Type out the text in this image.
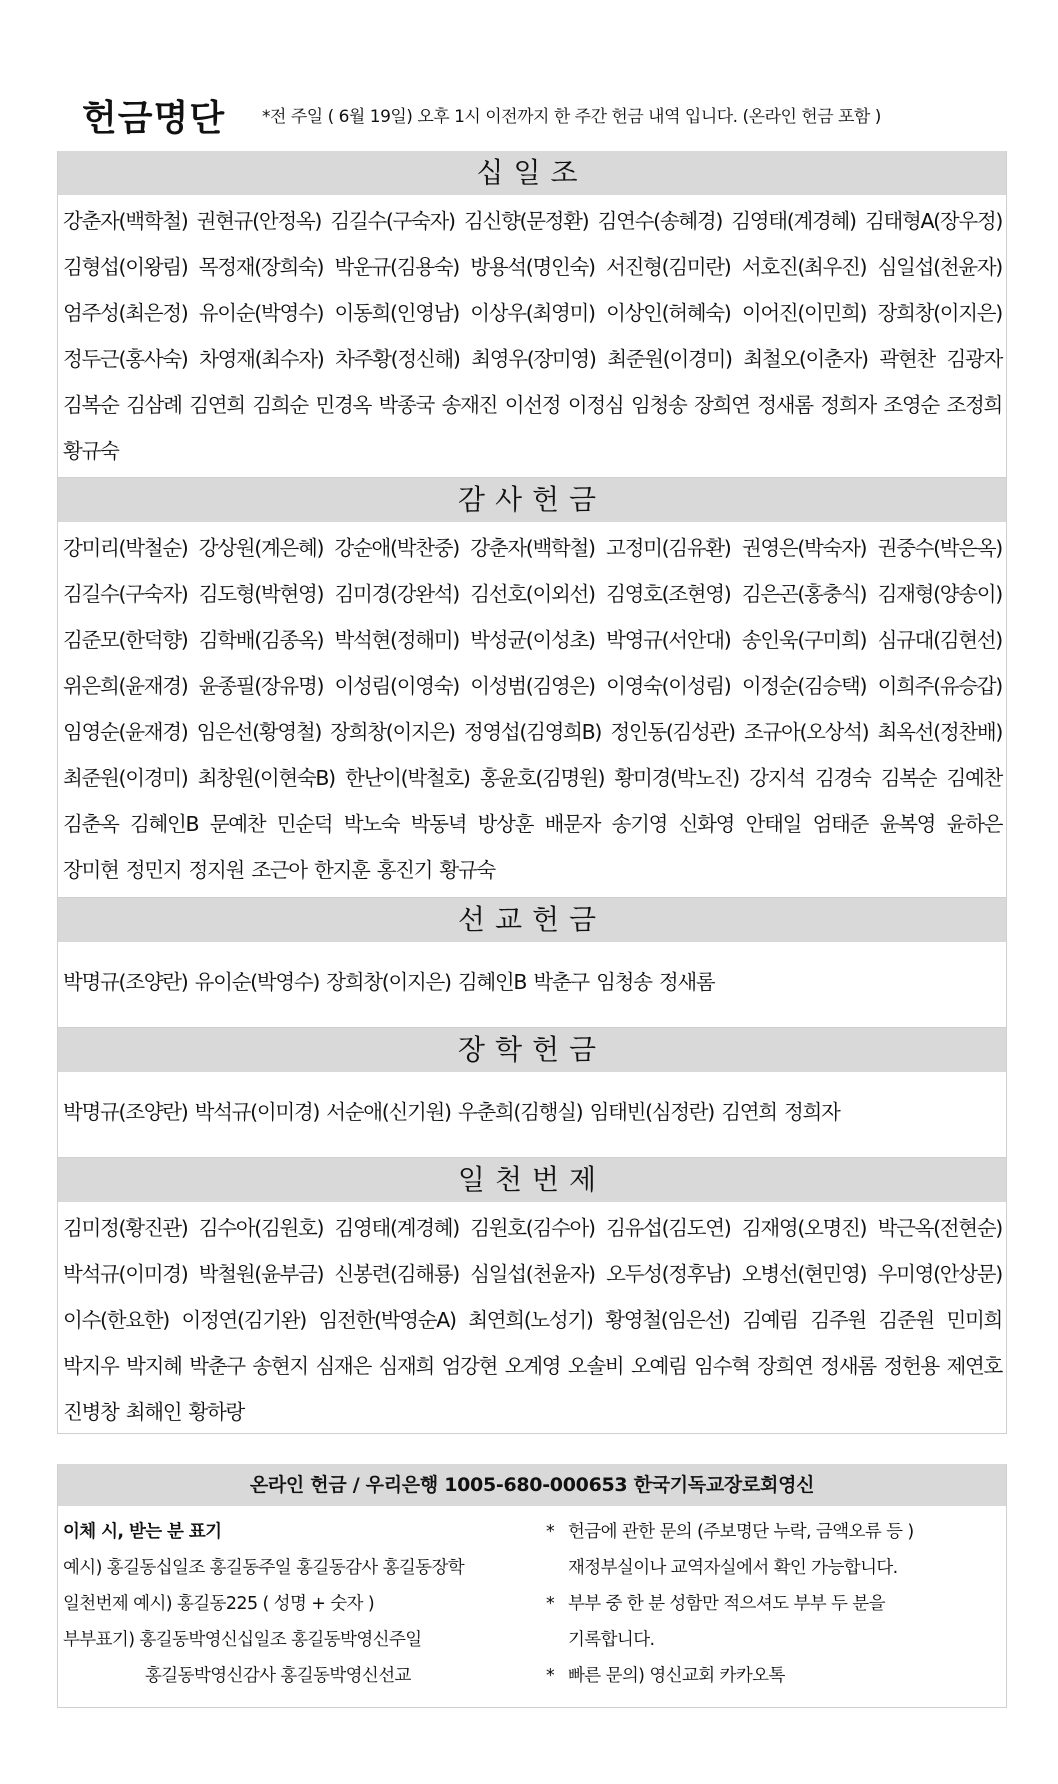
헌금명단 *전 주일 ( 6월 19일) 오후 1시 이전까지 한 주간 헌금 내역 입니다. (온라인 헌금 포함 )
십일조
강춘자(백학철) 권현규(안정옥) 김길수(구숙자) 김신향(문정환) 김연수(송혜경) 김영태(계경혜) 김태형A(장우정) 김형섭(이왕림) 목정재(장희숙) 박운규(김용숙) 방용석(명인숙) 서진형(김미란) 서호진(최우진) 심일섭(천윤자) 엄주성(최은정) 유이순(박영수) 이동희(인영남) 이상우(최영미) 이상인(허혜숙) 이어진(이민희) 장희창(이지은) 정두근(홍사숙) 차영재(최수자) 차주황(정신해) 최영우(장미영) 최준원(이경미) 최철오(이춘자) 곽현찬 김광자 김복순 김삼례 김연희 김희순 민경옥 박종국 송재진 이선정 이정심 임청송 장희연 정새롬 정희자 조영순 조정희 황규숙
감사헌금
강미리(박철순) 강상원(계은혜) 강순애(박찬중) 강춘자(백학철) 고정미(김유환) 권영은(박숙자) 권중수(박은옥) 김길수(구숙자) 김도형(박현영) 김미경(강완석) 김선호(이외선) 김영호(조현영) 김은곤(홍충식) 김재형(양송이) 김준모(한덕향) 김학배(김종옥) 박석현(정해미) 박성균(이성초) 박영규(서안대) 송인욱(구미희) 심규대(김현선) 위은희(윤재경) 윤종필(장유명) 이성림(이영숙) 이성범(김영은) 이영숙(이성림) 이정순(김승택) 이희주(유승갑) 임영순(윤재경) 임은선(황영철) 장희창(이지은) 정영섭(김영희B) 정인동(김성관) 조규아(오상석) 최옥선(정찬배) 최준원(이경미) 최창원(이현숙B) 한난이(박철호) 홍윤호(김명원) 황미경(박노진) 강지석 김경숙 김복순 김예찬 김춘옥 김혜인B 문예찬 민순덕 박노숙 박동녁 방상훈 배문자 송기영 신화영 안태일 엄태준 윤복영 윤하은 장미현 정민지 정지원 조근아 한지훈 홍진기 황규숙
선교헌금
박명규(조양란) 유이순(박영수) 장희창(이지은) 김혜인B 박춘구 임청송 정새롬
장학헌금
박명규(조양란) 박석규(이미경) 서순애(신기원) 우춘희(김행실) 임태빈(심정란) 김연희 정희자
일천번제
김미정(황진관) 김수아(김원호) 김영태(계경혜) 김원호(김수아) 김유섭(김도연) 김재영(오명진) 박근옥(전현순) 박석규(이미경) 박철원(윤부금) 신봉련(김해룡) 심일섭(천윤자) 오두성(정후남) 오병선(현민영) 우미영(안상문) 이수(한요한) 이정연(김기완) 임전한(박영순A) 최연희(노성기) 황영철(임은선) 김예림 김주원 김준원 민미희 박지우 박지혜 박춘구 송현지 심재은 심재희 엄강현 오계영 오솔비 오예림 임수혁 장희연 정새롬 정헌용 제연호 진병창 최해인 황하랑
온라인 헌금 / 우리은행 1005-680-000653 한국기독교장로회영신
이체 시, 받는 분 표기
예시) 홍길동십일조 홍길동주일 홍길동감사 홍길동장학
일천번제 예시) 홍길동225 ( 성명 + 숫자 )
부부표기) 홍길동박영신십일조 홍길동박영신주일
홍길동박영신감사 홍길동박영신선교
* 헌금에 관한 문의 (주보명단 누락, 금액오류 등 )
재정부실이나 교역자실에서 확인 가능합니다.
* 부부 중 한 분 성함만 적으셔도 부부 두 분을
기록합니다.
* 빠른 문의) 영신교회 카카오톡
